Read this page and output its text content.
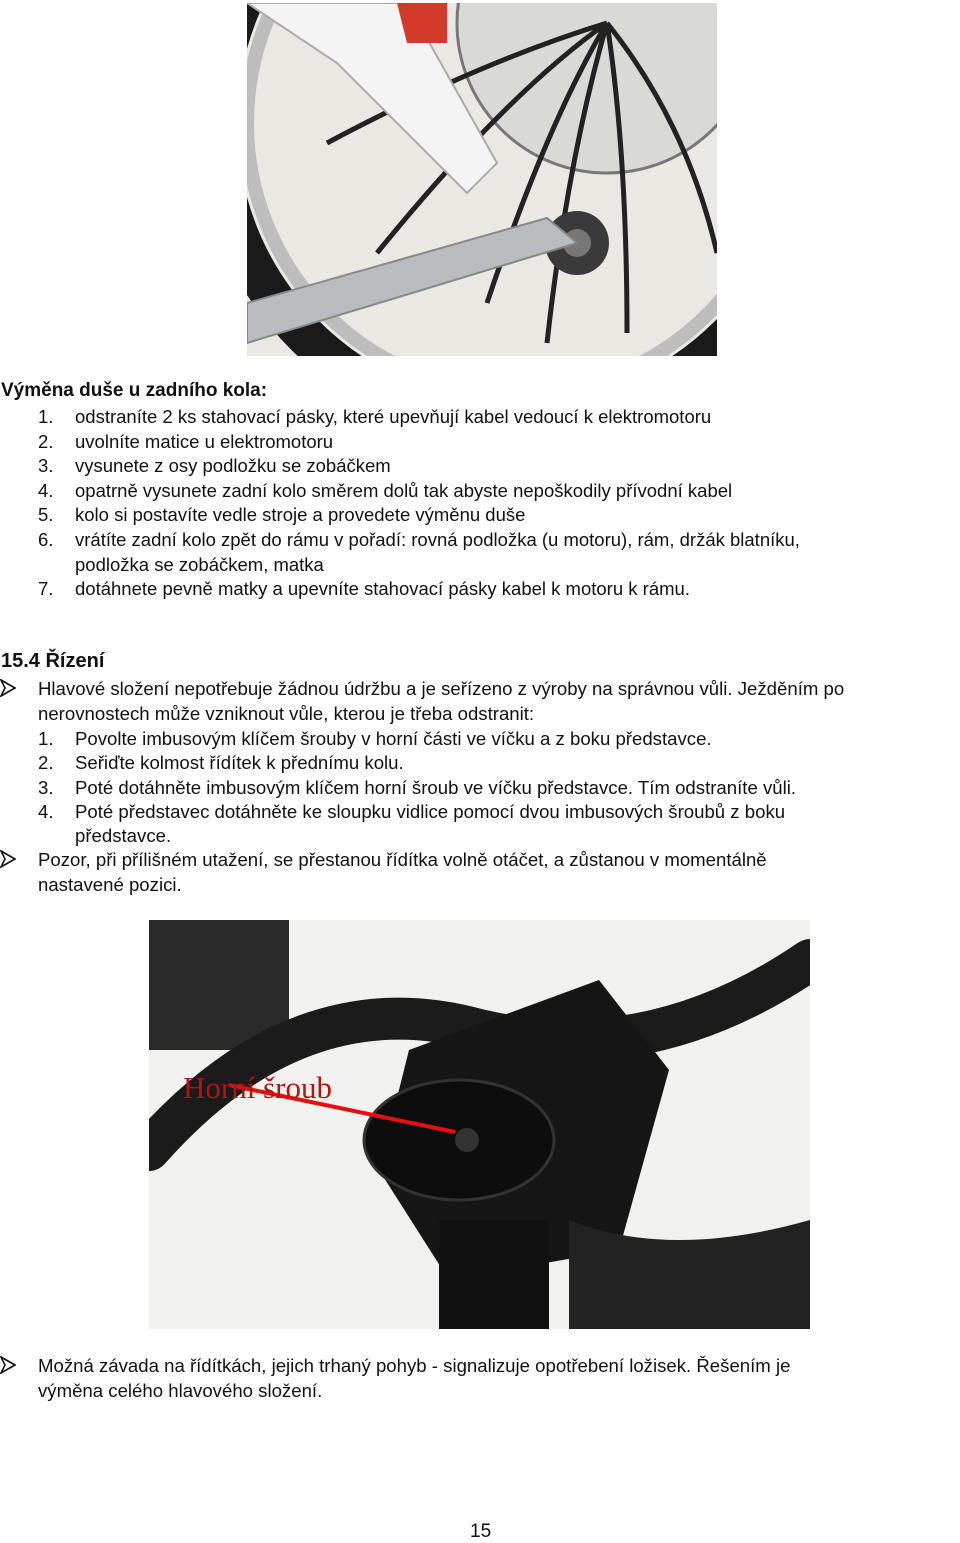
Výměna duše u zadního kola:
1. odstraníte 2 ks stahovací pásky, které upevňují kabel vedoucí k elektromotoru
2. uvolníte matice u elektromotoru
3. vysunete z osy podložku se zobáčkem
4. opatrně vysunete zadní kolo směrem dolů tak abyste nepoškodily přívodní kabel
5. kolo si postavíte vedle stroje a provedete výměnu duše
6. vrátíte zadní kolo zpět do rámu v pořadí: rovná podložka (u motoru), rám, držák blatníku,
podložka se zobáčkem, matka
7. dotáhnete pevně matky a upevníte stahovací pásky kabel k motoru k rámu.
15.4 Řízení
Hlavové složení nepotřebuje žádnou údržbu a je seřízeno z výroby na správnou vůli. Ježděním po
nerovnostech může vzniknout vůle, kterou je třeba odstranit:
1. Povolte imbusovým klíčem šrouby v horní části ve víčku a z boku představce.
2. Seřiďte kolmost řídítek k přednímu kolu.
3. Poté dotáhněte imbusovým klíčem horní šroub ve víčku představce. Tím odstraníte vůli.
4. Poté představec dotáhněte ke sloupku vidlice pomocí dvou imbusových šroubů z boku
představce.
Pozor, při přílišném utažení, se přestanou řídítka volně otáčet, a zůstanou v momentálně
nastavené pozici.
Horní šroub
Možná závada na řídítkách, jejich trhaný pohyb - signalizuje opotřebení ložisek. Řešením je
výměna celého hlavového složení.
15
